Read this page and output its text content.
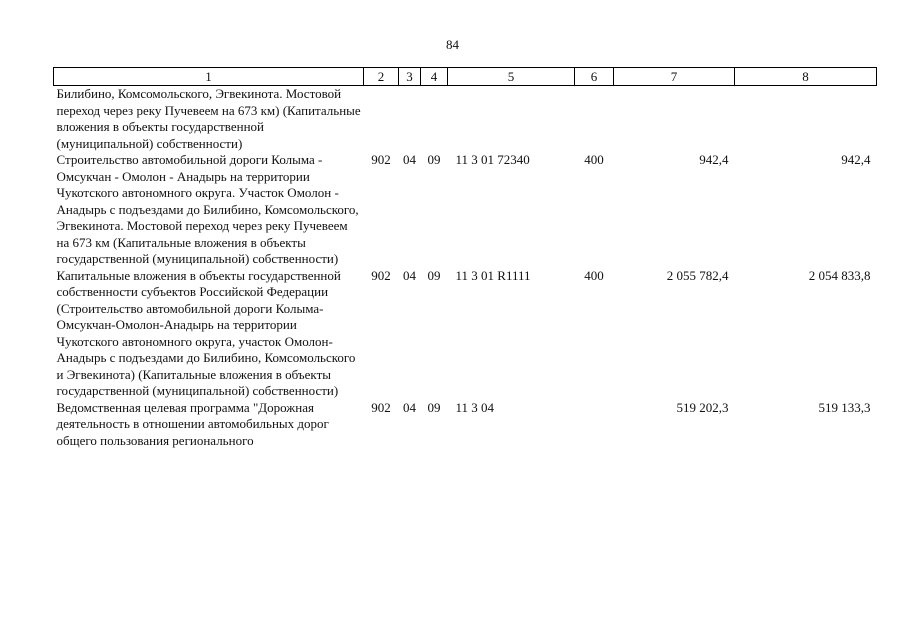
84
1	2	3	4	5	6	7	8
Билибино, Комсомольского, Эгвекинота. Мостовой переход через реку Пучевеем на 673 км) (Капитальные вложения в объекты государственной (муниципальной) собственности)							
Строительство автомобильной дороги Колыма - Омсукчан - Омолон - Анадырь на территории Чукотского автономного округа. Участок Омолон - Анадырь с подъездами до Билибино, Комсомольского, Эгвекинота. Мостовой переход через реку Пучевеем на 673 км (Капитальные вложения в объекты государственной (муниципальной) собственности)	902	04	09	11 3 01 72340	400	942,4	942,4
Капитальные вложения в объекты государственной собственности субъектов Российской Федерации (Строительство автомобильной дороги Колыма-Омсукчан-Омолон-Анадырь на территории Чукотского автономного округа, участок Омолон-Анадырь с подъездами до Билибино, Комсомольского и Эгвекинота) (Капитальные вложения в объекты государственной (муниципальной) собственности)	902	04	09	11 3 01 R1111	400	2 055 782,4	2 054 833,8
Ведомственная целевая программа "Дорожная деятельность в отношении автомобильных дорог общего пользования регионального	902	04	09	11 3 04		519 202,3	519 133,3
